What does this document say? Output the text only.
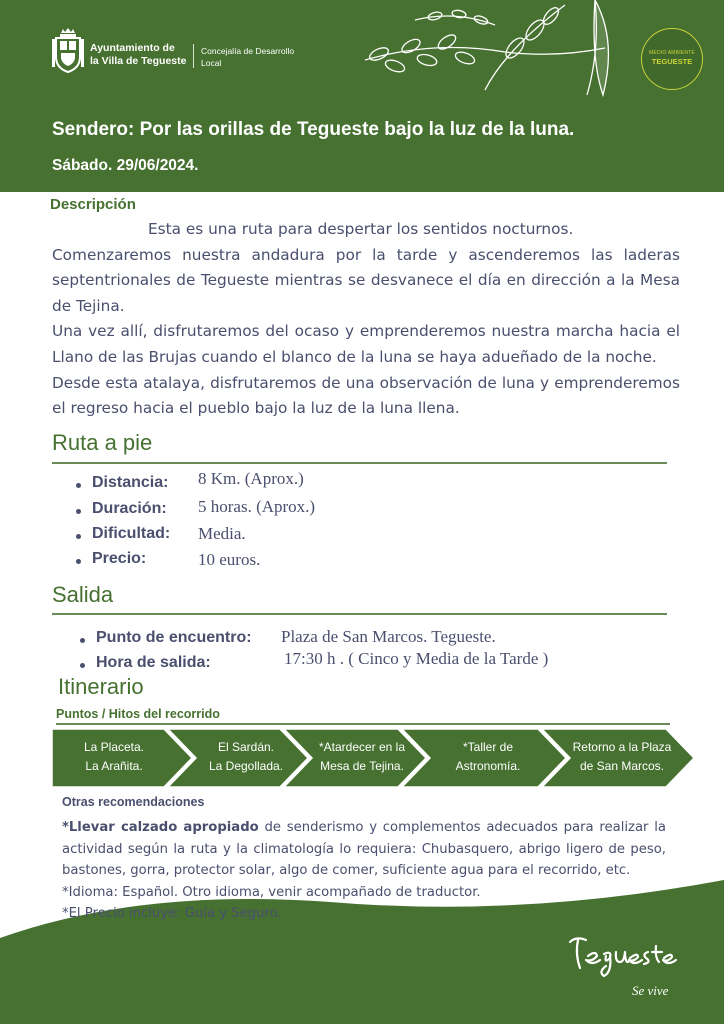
Ayuntamiento de
la Villa de Tegueste
Concejalía de Desarrollo
Local
MEDIO AMBIENTE
TEGUESTE
Sendero: Por las orillas de Tegueste bajo la luz de la luna.
Sábado. 29/06/2024.
Descripción

Esta es una ruta para despertar los sentidos nocturnos.

Comenzaremos nuestra andadura por la tarde y ascenderemos las laderas septentrionales de Tegueste mientras se desvanece el día en dirección a la Mesa de Tejina.

Una vez allí, disfrutaremos del ocaso y emprenderemos nuestra marcha hacia el Llano de las Brujas cuando el blanco de la luna se haya adueñado de la noche.

Desde esta atalaya, disfrutaremos de una observación de luna y emprenderemos el regreso hacia el pueblo bajo la luz de la luna llena.

Ruta a pie
Distancia: 8 Km. (Aprox.)
Duración: 5 horas. (Aprox.)
Dificultad: Media.
Precio:	10 euros.
Salida
Punto de encuentro: Plaza de San Marcos. Tegueste.
Hora de salida:	17:30 h . ( Cinco y Media de la Tarde )
Itinerario
Puntos / Hitos del recorrido
La Placeta.
La Arañita.
El Sardán.
La Degollada.
*Atardecer en la
Mesa de Tejina.
*Taller de
Astronomía.
Retorno a la Plaza
de San Marcos.
Otras recomendaciones
*Llevar calzado apropiado de senderismo y complementos adecuados para realizar la actividad según la ruta y la climatología lo requiera: Chubasquero, abrigo ligero de peso, bastones, gorra, protector solar, algo de comer, suficiente agua para el recorrido, etc.
*Idioma: Español. Otro idioma, venir acompañado de traductor.
*El Precio incluye: Guía y Seguro.
Se vive
